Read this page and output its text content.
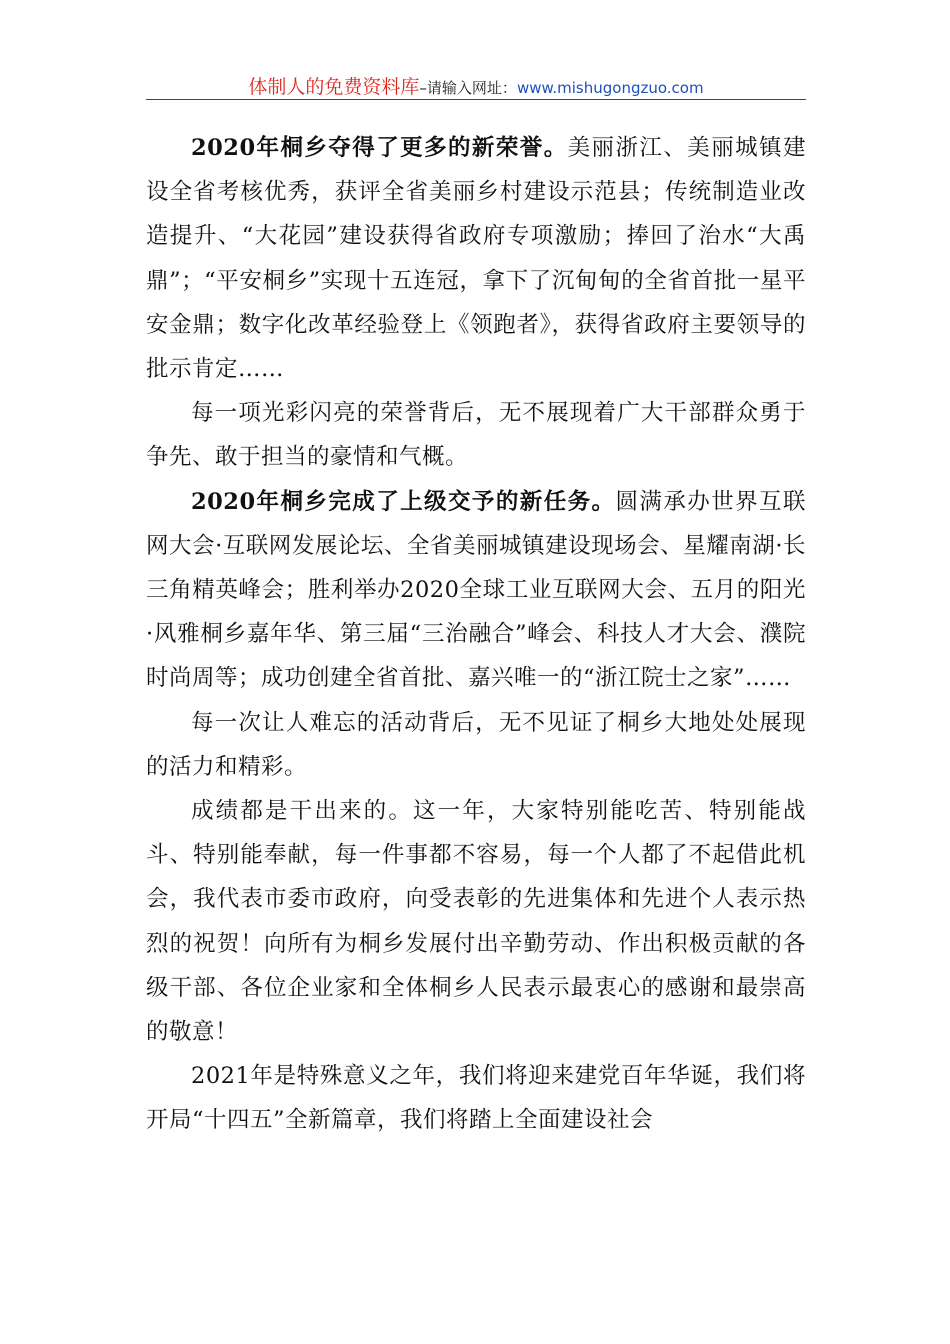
体制人的免费资料库–请输入网址：www.mishugongzuo.com

2020年桐乡夺得了更多的新荣誉。美丽浙江、美丽城镇建设全省考核优秀，获评全省美丽乡村建设示范县；传统制造业改造提升、“大花园”建设获得省政府专项激励；捧回了治水“大禹鼎”；“平安桐乡”实现十五连冠，拿下了沉甸甸的全省首批一星平安金鼎；数字化改革经验登上《领跑者》，获得省政府主要领导的批示肯定……

每一项光彩闪亮的荣誉背后，无不展现着广大干部群众勇于争先、敢于担当的豪情和气概。

2020年桐乡完成了上级交予的新任务。圆满承办世界互联网大会·互联网发展论坛、全省美丽城镇建设现场会、星耀南湖·长三角精英峰会；胜利举办2020全球工业互联网大会、五月的阳光·风雅桐乡嘉年华、第三届“三治融合”峰会、科技人才大会、濮院时尚周等；成功创建全省首批、嘉兴唯一的“浙江院士之家”……

每一次让人难忘的活动背后，无不见证了桐乡大地处处展现的活力和精彩。

成绩都是干出来的。这一年，大家特别能吃苦、特别能战斗、特别能奉献，每一件事都不容易，每一个人都了不起借此机会，我代表市委市政府，向受表彰的先进集体和先进个人表示热烈的祝贺！向所有为桐乡发展付出辛勤劳动、作出积极贡献的各级干部、各位企业家和全体桐乡人民表示最衷心的感谢和最崇高的敬意！

2021年是特殊意义之年，我们将迎来建党百年华诞，我们将开局“十四五”全新篇章，我们将踏上全面建设社会
